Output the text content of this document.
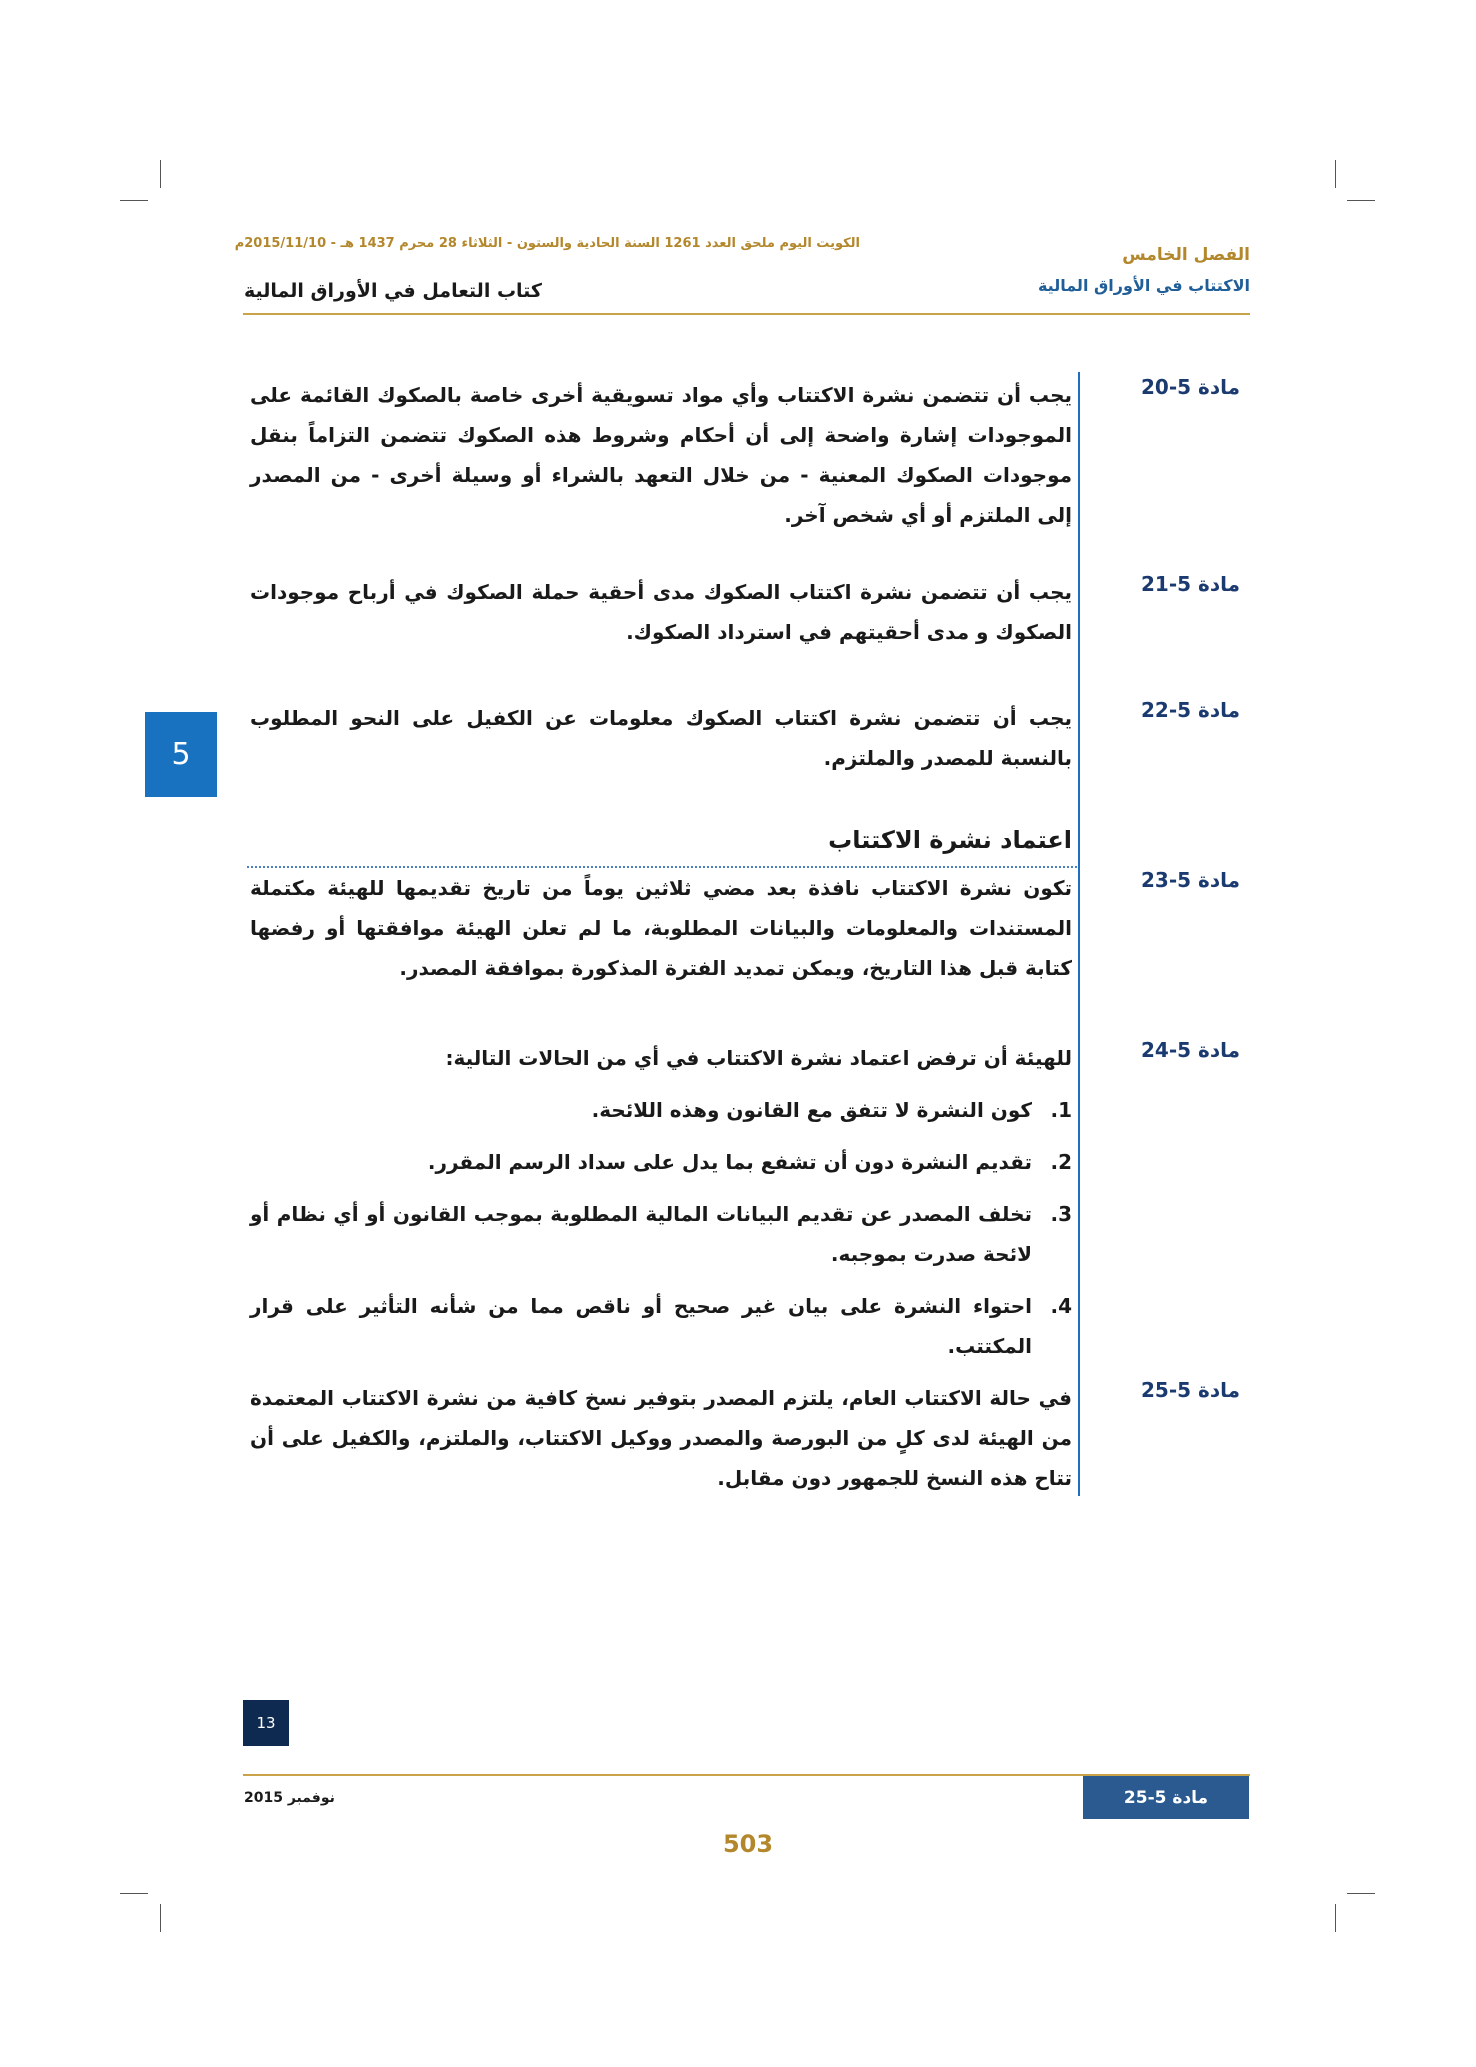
الكويت اليوم ملحق العدد 1261 السنة الحادية والستون - الثلاثاء 28 محرم 1437 هـ - 2015/11/10م
الفصل الخامس
الاكتتاب في الأوراق المالية
كتاب التعامل في الأوراق المالية
5
مادة 5-20
يجب أن تتضمن نشرة الاكتتاب وأي مواد تسويقية أخرى خاصة بالصكوك القائمة على الموجودات إشارة واضحة إلى أن أحكام وشروط هذه الصكوك تتضمن التزاماً بنقل موجودات الصكوك المعنية - من خلال التعهد بالشراء أو وسيلة أخرى - من المصدر إلى الملتزم أو أي شخص آخر.
مادة 5-21
يجب أن تتضمن نشرة اكتتاب الصكوك مدى أحقية حملة الصكوك في أرباح موجودات الصكوك و مدى أحقيتهم في استرداد الصكوك.
مادة 5-22
يجب أن تتضمن نشرة اكتتاب الصكوك معلومات عن الكفيل على النحو المطلوب بالنسبة للمصدر والملتزم.
اعتماد نشرة الاكتتاب
مادة 5-23
تكون نشرة الاكتتاب نافذة بعد مضي ثلاثين يوماً من تاريخ تقديمها للهيئة مكتملة المستندات والمعلومات والبيانات المطلوبة، ما لم تعلن الهيئة موافقتها أو رفضها كتابة قبل هذا التاريخ، ويمكن تمديد الفترة المذكورة بموافقة المصدر.
مادة 5-24
للهيئة أن ترفض اعتماد نشرة الاكتتاب في أي من الحالات التالية:
1.
كون النشرة لا تتفق مع القانون وهذه اللائحة.
2.
تقديم النشرة دون أن تشفع بما يدل على سداد الرسم المقرر.
3.
تخلف المصدر عن تقديم البيانات المالية المطلوبة بموجب القانون أو أي نظام أو لائحة صدرت بموجبه.
4.
احتواء النشرة على بيان غير صحيح أو ناقص مما من شأنه التأثير على قرار المكتتب.
مادة 5-25
في حالة الاكتتاب العام، يلتزم المصدر بتوفير نسخ كافية من نشرة الاكتتاب المعتمدة من الهيئة لدى كلٍ من البورصة والمصدر ووكيل الاكتتاب، والملتزم، والكفيل على أن تتاح هذه النسخ للجمهور دون مقابل.
13
نوفمبر 2015	مادة 5-25
503
